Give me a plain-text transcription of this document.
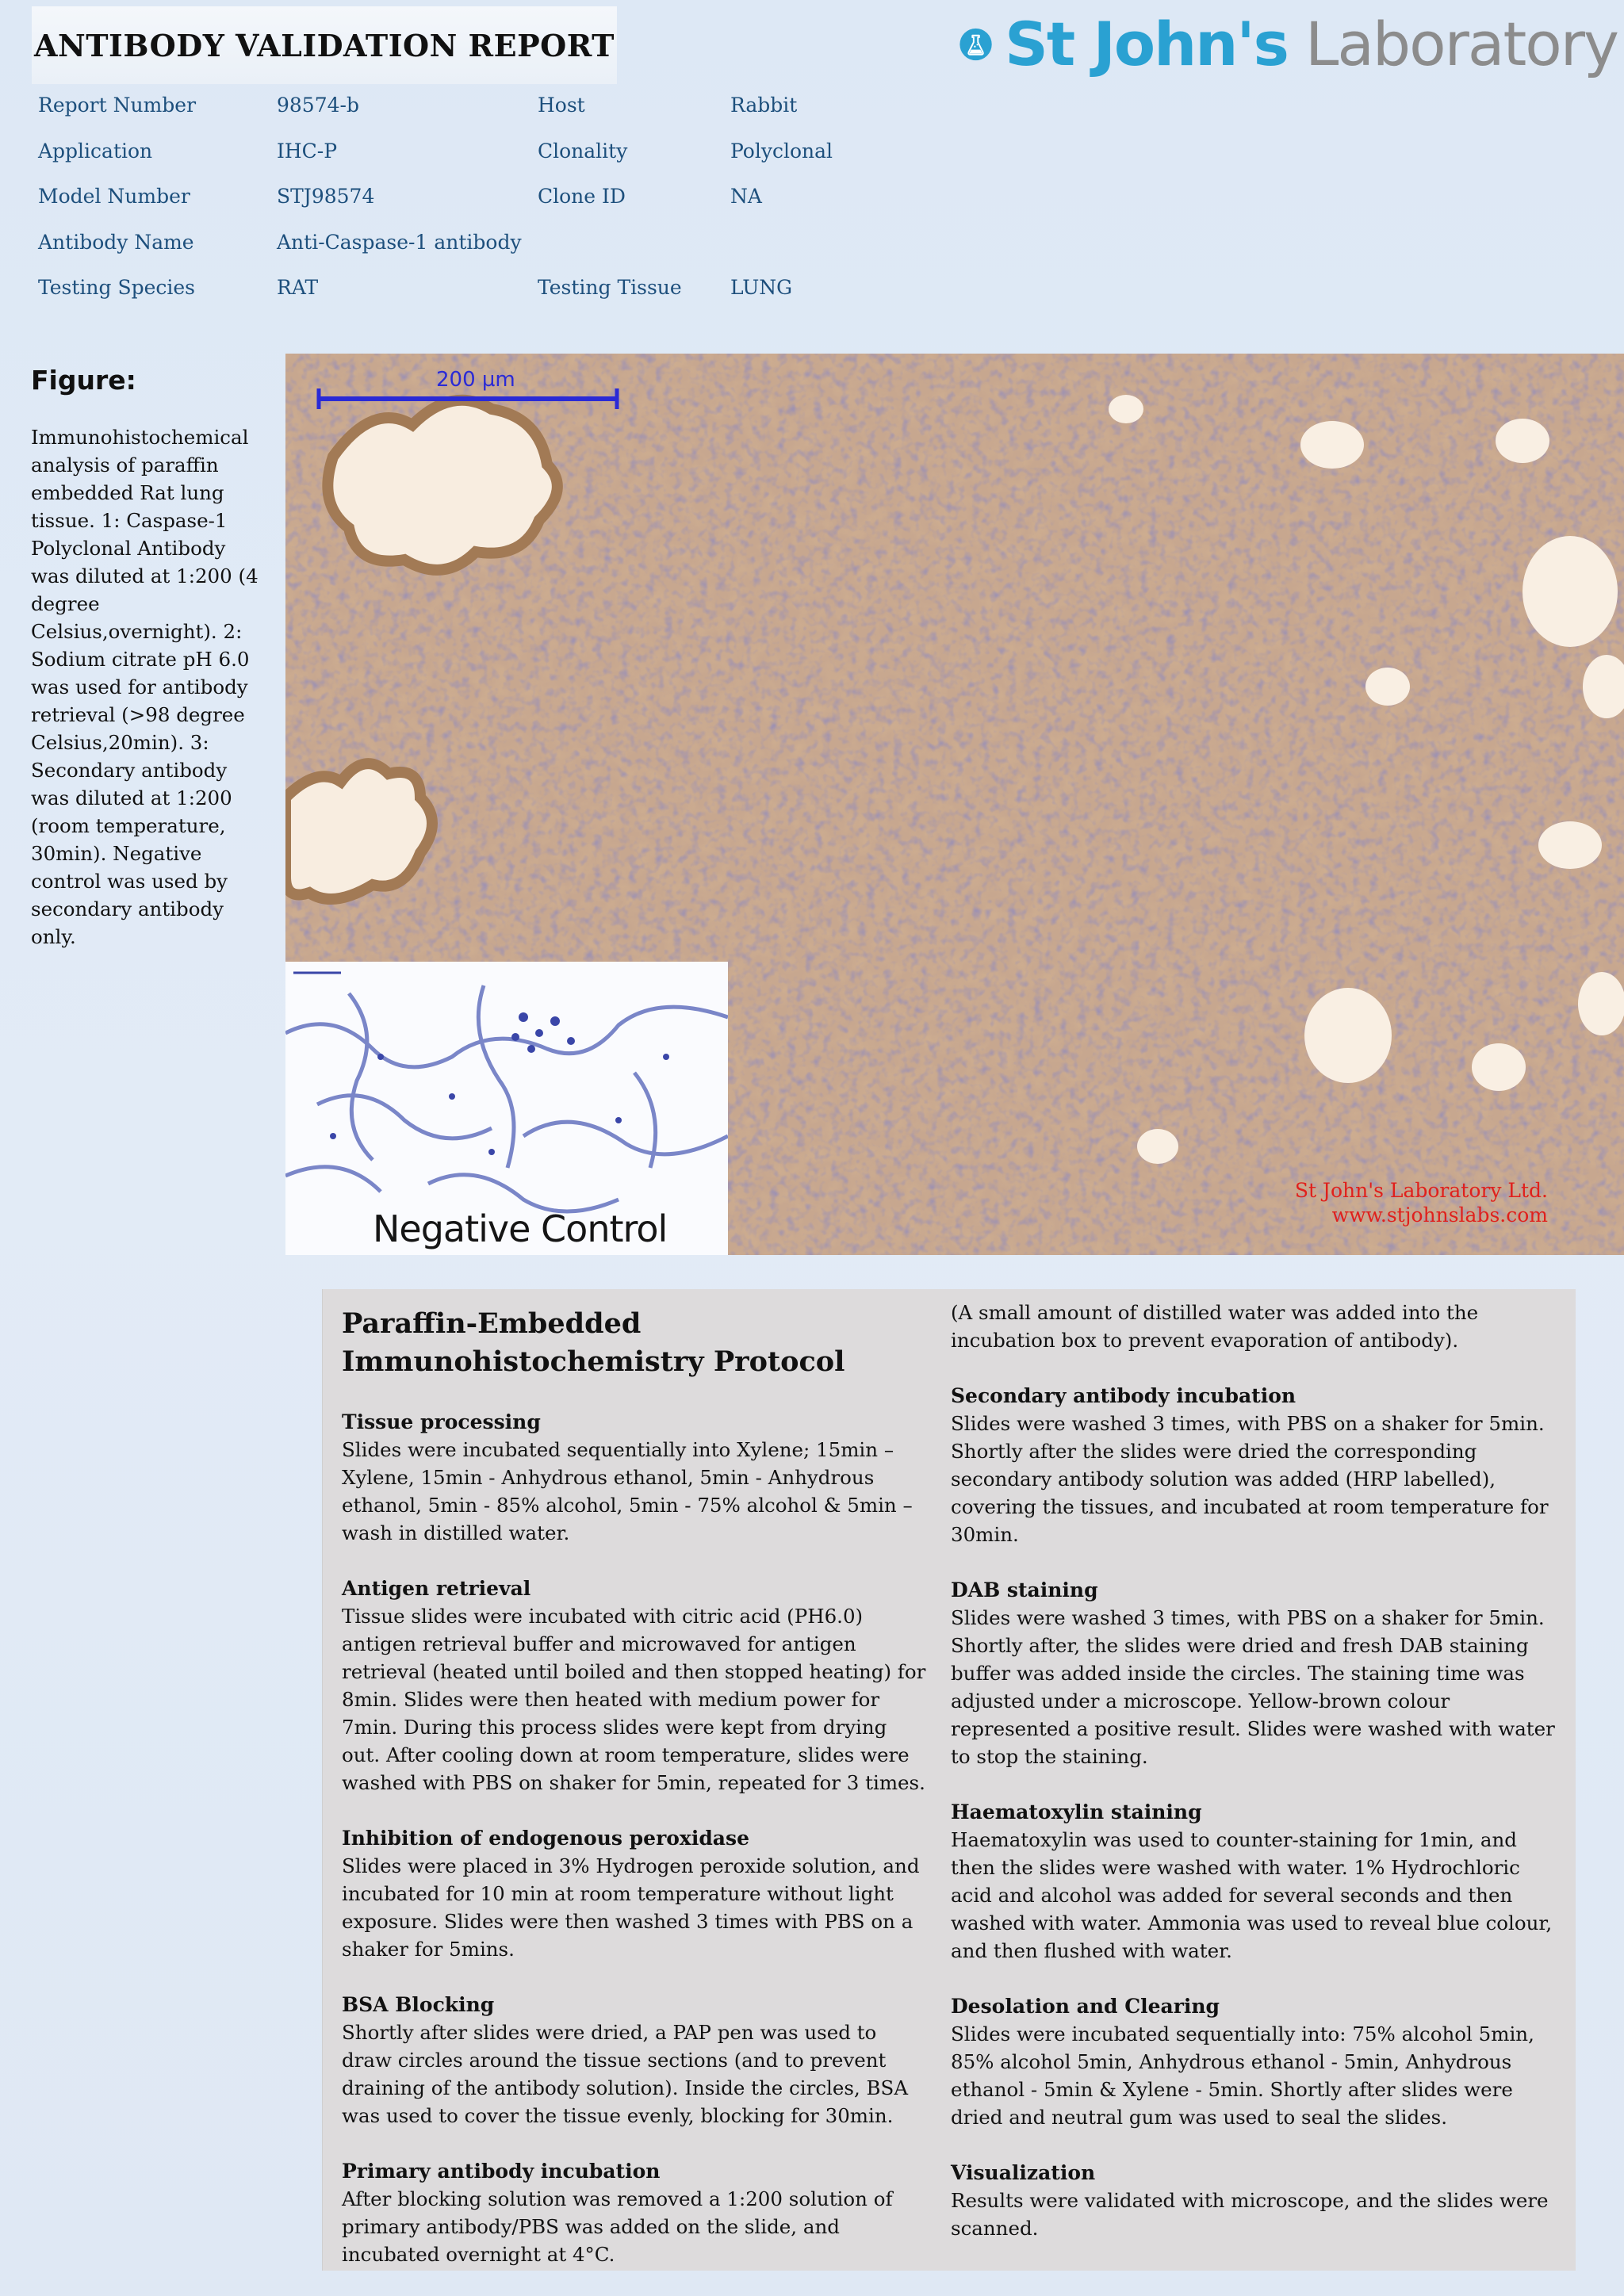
ANTIBODY VALIDATION REPORT	St John's Laboratory
Report Number	98574-b	Host	Rabbit
Application	IHC-P	Clonality	Polyclonal
Model Number	STJ98574	Clone ID	NA
Antibody Name	Anti-Caspase-1 antibody
Testing Species	RAT	Testing Tissue LUNG
Figure:
Immunohistochemical analysis of paraffin embedded Rat lung tissue. 1: Caspase-1 Polyclonal Antibody was diluted at 1:200 (4 degree Celsius,overnight). 2: Sodium citrate pH 6.0 was used for antibody retrieval (>98 degree Celsius,20min). 3: Secondary antibody was diluted at 1:200 (room temperature, 30min). Negative control was used by secondary antibody only.
200 µm
St John's Laboratory Ltd.
www.stjohnslabs.com
Negative Control
Paraffin-Embedded Immunohistochemistry Protocol
Tissue processing
Slides were incubated sequentially into Xylene; 15min – Xylene, 15min - Anhydrous ethanol, 5min - Anhydrous ethanol, 5min - 85% alcohol, 5min - 75% alcohol & 5min – wash in distilled water.
Antigen retrieval
Tissue slides were incubated with citric acid (PH6.0) antigen retrieval buffer and microwaved for antigen retrieval (heated until boiled and then stopped heating) for 8min. Slides were then heated with medium power for 7min. During this process slides were kept from drying out. After cooling down at room temperature, slides were washed with PBS on shaker for 5min, repeated for 3 times.
Inhibition of endogenous peroxidase
Slides were placed in 3% Hydrogen peroxide solution, and incubated for 10 min at room temperature without light exposure. Slides were then washed 3 times with PBS on a shaker for 5mins.
BSA Blocking
Shortly after slides were dried, a PAP pen was used to draw circles around the tissue sections (and to prevent draining of the antibody solution). Inside the circles, BSA was used to cover the tissue evenly, blocking for 30min.
Primary antibody incubation
After blocking solution was removed a 1:200 solution of primary antibody/PBS was added on the slide, and incubated overnight at 4°C.
(A small amount of distilled water was added into the incubation box to prevent evaporation of antibody).
Secondary antibody incubation
Slides were washed 3 times, with PBS on a shaker for 5min. Shortly after the slides were dried the corresponding secondary antibody solution was added (HRP labelled), covering the tissues, and incubated at room temperature for 30min.
DAB staining
Slides were washed 3 times, with PBS on a shaker for 5min. Shortly after, the slides were dried and fresh DAB staining buffer was added inside the circles. The staining time was adjusted under a microscope. Yellow-brown colour represented a positive result. Slides were washed with water to stop the staining.
Haematoxylin staining
Haematoxylin was used to counter-staining for 1min, and then the slides were washed with water. 1% Hydrochloric acid and alcohol was added for several seconds and then washed with water. Ammonia was used to reveal blue colour, and then flushed with water.
Desolation and Clearing
Slides were incubated sequentially into: 75% alcohol 5min, 85% alcohol 5min, Anhydrous ethanol - 5min, Anhydrous ethanol - 5min & Xylene - 5min. Shortly after slides were dried and neutral gum was used to seal the slides.
Visualization
Results were validated with microscope, and the slides were scanned.
